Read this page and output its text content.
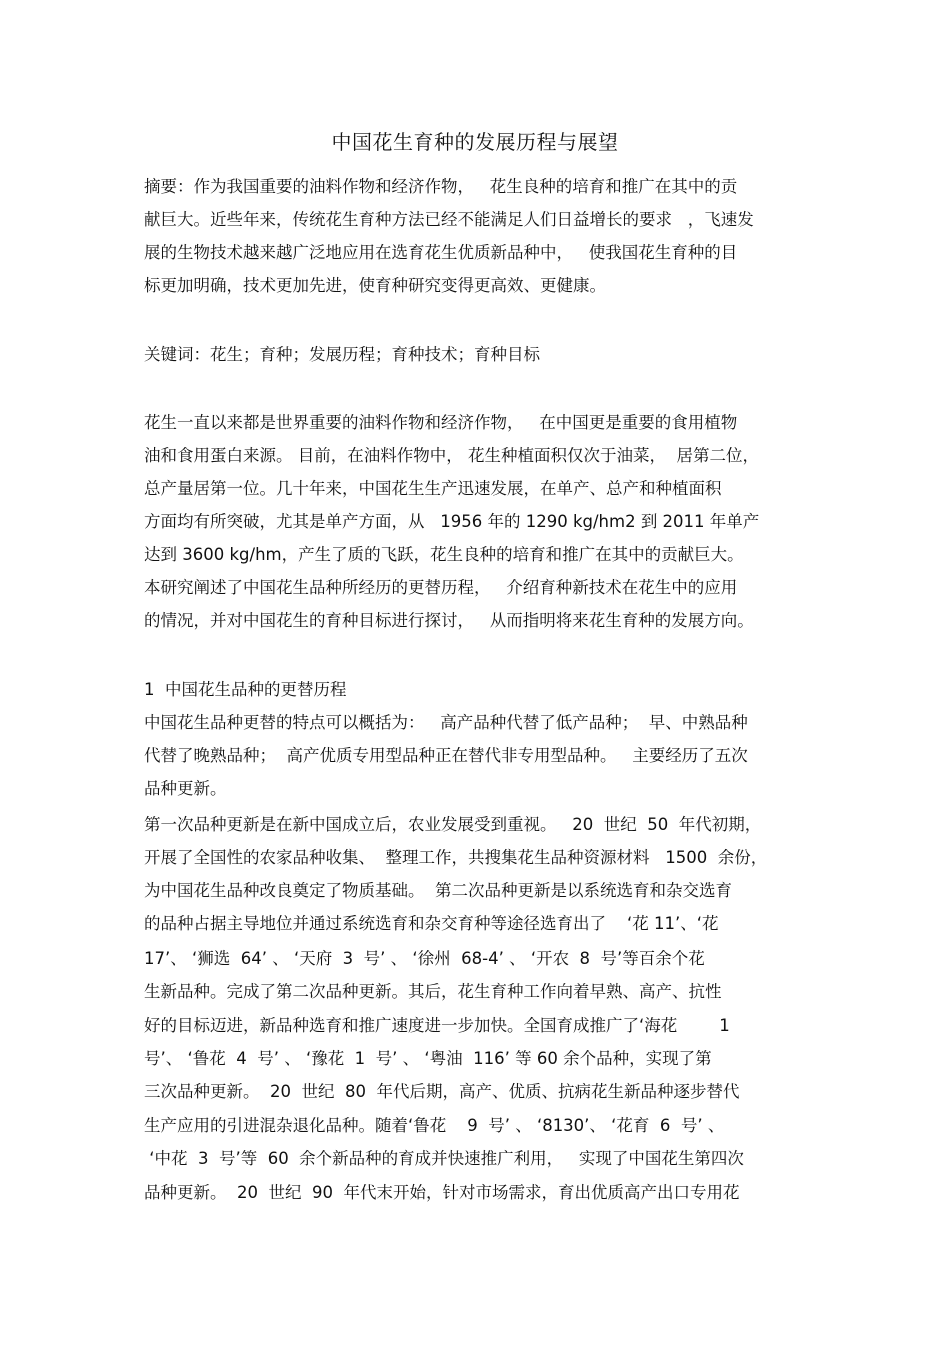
中国花生育种的发展历程与展望
摘要：作为我国重要的油料作物和经济作物，   花生良种的培育和推广在其中的贡
献巨大。近些年来，传统花生育种方法已经不能满足人们日益增长的要求   ，飞速发
展的生物技术越来越广泛地应用在选育花生优质新品种中，   使我国花生育种的目
标更加明确，技术更加先进，使育种研究变得更高效、更健康。
关键词：花生；育种；发展历程；育种技术；育种目标
花生一直以来都是世界重要的油料作物和经济作物，   在中国更是重要的食用植物
油和食用蛋白来源。 目前，在油料作物中， 花生种植面积仅次于油菜，  居第二位，
总产量居第一位。几十年来，中国花生生产迅速发展，在单产、总产和种植面积
方面均有所突破，尤其是单产方面，从   1956 年的 1290 kg/hm2 到 2011 年单产
达到 3600 kg/hm，产生了质的飞跃，花生良种的培育和推广在其中的贡献巨大。
本研究阐述了中国花生品种所经历的更替历程，   介绍育种新技术在花生中的应用
的情况，并对中国花生的育种目标进行探讨，   从而指明将来花生育种的发展方向。
1  中国花生品种的更替历程
中国花生品种更替的特点可以概括为：   高产品种代替了低产品种；  早、中熟品种
代替了晚熟品种；  高产优质专用型品种正在替代非专用型品种。   主要经历了五次
品种更新。
第一次品种更新是在新中国成立后，农业发展受到重视。   20  世纪  50  年代初期，
开展了全国性的农家品种收集、  整理工作，共搜集花生品种资源材料   1500  余份，
为中国花生品种改良奠定了物质基础。  第二次品种更新是以系统选育和杂交选育
的品种占据主导地位并通过系统选育和杂交育种等途径选育出了    ‘花 11’、‘花
17’、 ‘狮选  64’ 、 ‘天府  3  号’ 、 ‘徐州  68-4’ 、 ‘开农  8  号’等百余个花
生新品种。完成了第二次品种更新。其后，花生育种工作向着早熟、高产、抗性
好的目标迈进，新品种选育和推广速度进一步加快。全国育成推广了‘海花        1
号’、 ‘鲁花  4  号’ 、 ‘豫花  1  号’ 、 ‘粤油  116’ 等 60 余个品种，实现了第
三次品种更新。  20  世纪  80  年代后期，高产、优质、抗病花生新品种逐步替代
生产应用的引进混杂退化品种。随着‘鲁花    9  号’ 、 ‘8130’、 ‘花育  6  号’ 、
‘中花  3  号’等  60  余个新品种的育成并快速推广利用，   实现了中国花生第四次
品种更新。  20  世纪  90  年代末开始，针对市场需求，育出优质高产出口专用花
